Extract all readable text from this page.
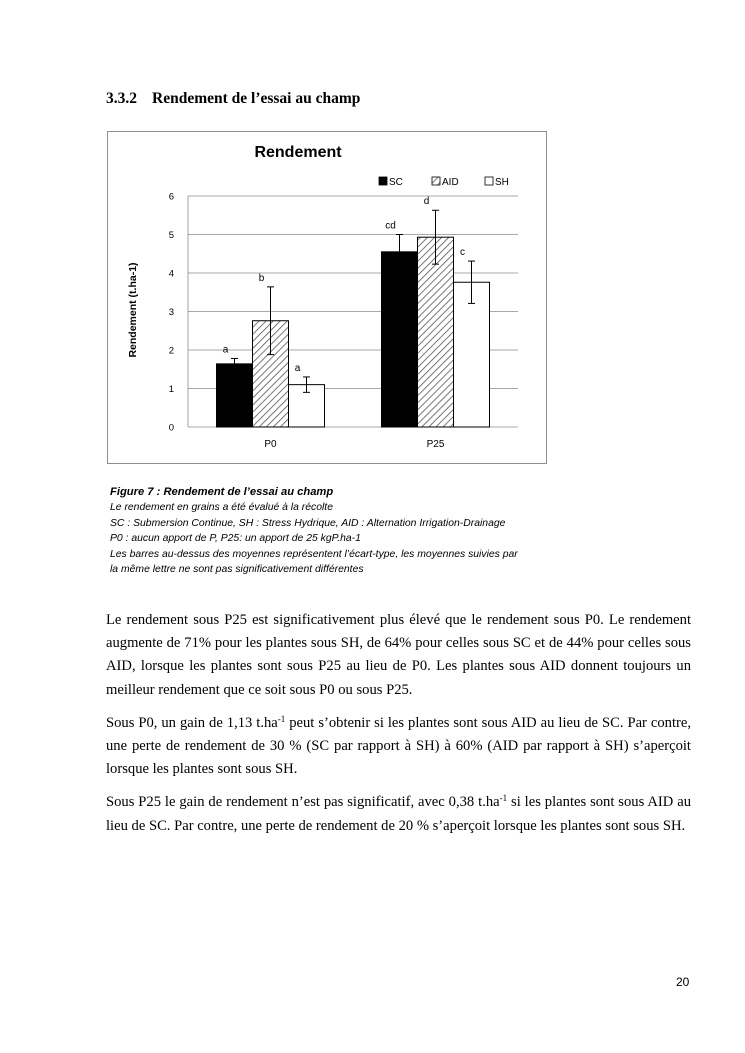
3.3.2 Rendement de l’essai au champ
Rendement
Rendement (t.ha-1)
0
1
2
3
4
5
6
P0
a
b
a
P25
cd
d
c
SC	AID	SH
Figure 7 : Rendement de l’essai au champ
Le rendement en grains a été évalué à la récolte
SC : Submersion Continue, SH : Stress Hydrique, AID : Alternation Irrigation-Drainage
P0 : aucun apport de P, P25: un apport de 25 kgP.ha-1
Les barres au-dessus des moyennes représentent l’écart-type, les moyennes suivies par
la même lettre ne sont pas significativement différentes

Le rendement sous P25 est significativement plus élevé que le rendement sous P0. Le rendement augmente de 71% pour les plantes sous SH, de 64% pour celles sous SC et de 44% pour celles sous AID, lorsque les plantes sont sous P25 au lieu de P0. Les plantes sous AID donnent toujours un meilleur rendement que ce soit sous P0 ou sous P25.

Sous P0, un gain de 1,13 $t.ha^{-1}$ peut s’obtenir si les plantes sont sous AID au lieu de SC. Par contre, une perte de rendement de 30 % (SC par rapport à SH) à 60% (AID par rapport à SH) s’aperçoit lorsque les plantes sont sous SH.

Sous P25 le gain de rendement n’est pas significatif, avec 0,38 $t.ha^{-1}$ si les plantes sont sous AID au lieu de SC. Par contre, une perte de rendement de 20 % s’aperçoit lorsque les plantes sont sous SH.

20
